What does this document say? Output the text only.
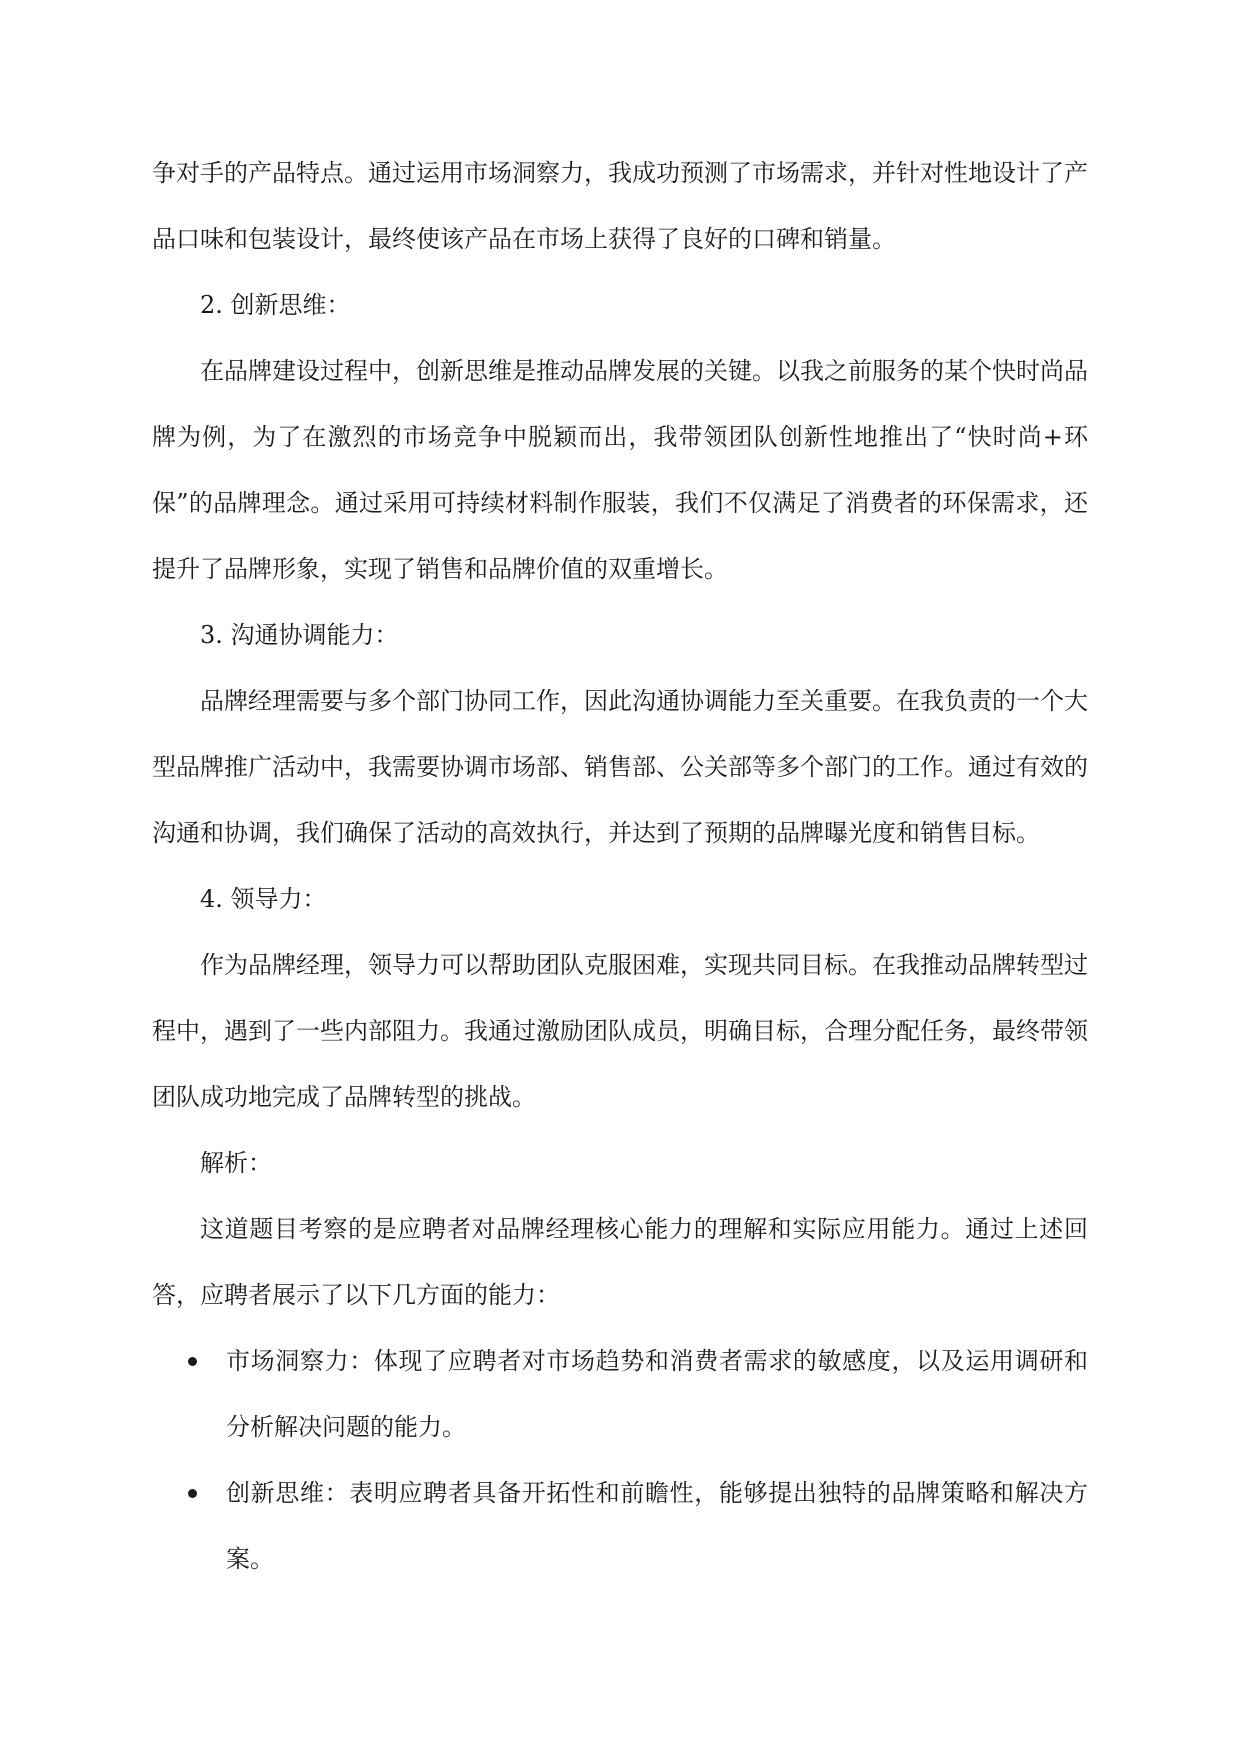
争对手的产品特点。通过运用市场洞察力，我成功预测了市场需求，并针对性地设计了产品口味和包装设计，最终使该产品在市场上获得了良好的口碑和销量。

2. 创新思维：

在品牌建设过程中，创新思维是推动品牌发展的关键。以我之前服务的某个快时尚品牌为例，为了在激烈的市场竞争中脱颖而出，我带领团队创新性地推出了“快时尚+环保”的品牌理念。通过采用可持续材料制作服装，我们不仅满足了消费者的环保需求，还提升了品牌形象，实现了销售和品牌价值的双重增长。

3. 沟通协调能力：

品牌经理需要与多个部门协同工作，因此沟通协调能力至关重要。在我负责的一个大型品牌推广活动中，我需要协调市场部、销售部、公关部等多个部门的工作。通过有效的沟通和协调，我们确保了活动的高效执行，并达到了预期的品牌曝光度和销售目标。

4. 领导力：

作为品牌经理，领导力可以帮助团队克服困难，实现共同目标。在我推动品牌转型过程中，遇到了一些内部阻力。我通过激励团队成员，明确目标，合理分配任务，最终带领团队成功地完成了品牌转型的挑战。

解析：

这道题目考察的是应聘者对品牌经理核心能力的理解和实际应用能力。通过上述回答，应聘者展示了以下几方面的能力：

市场洞察力：体现了应聘者对市场趋势和消费者需求的敏感度，以及运用调研和分析解决问题的能力。
创新思维：表明应聘者具备开拓性和前瞻性，能够提出独特的品牌策略和解决方案。
